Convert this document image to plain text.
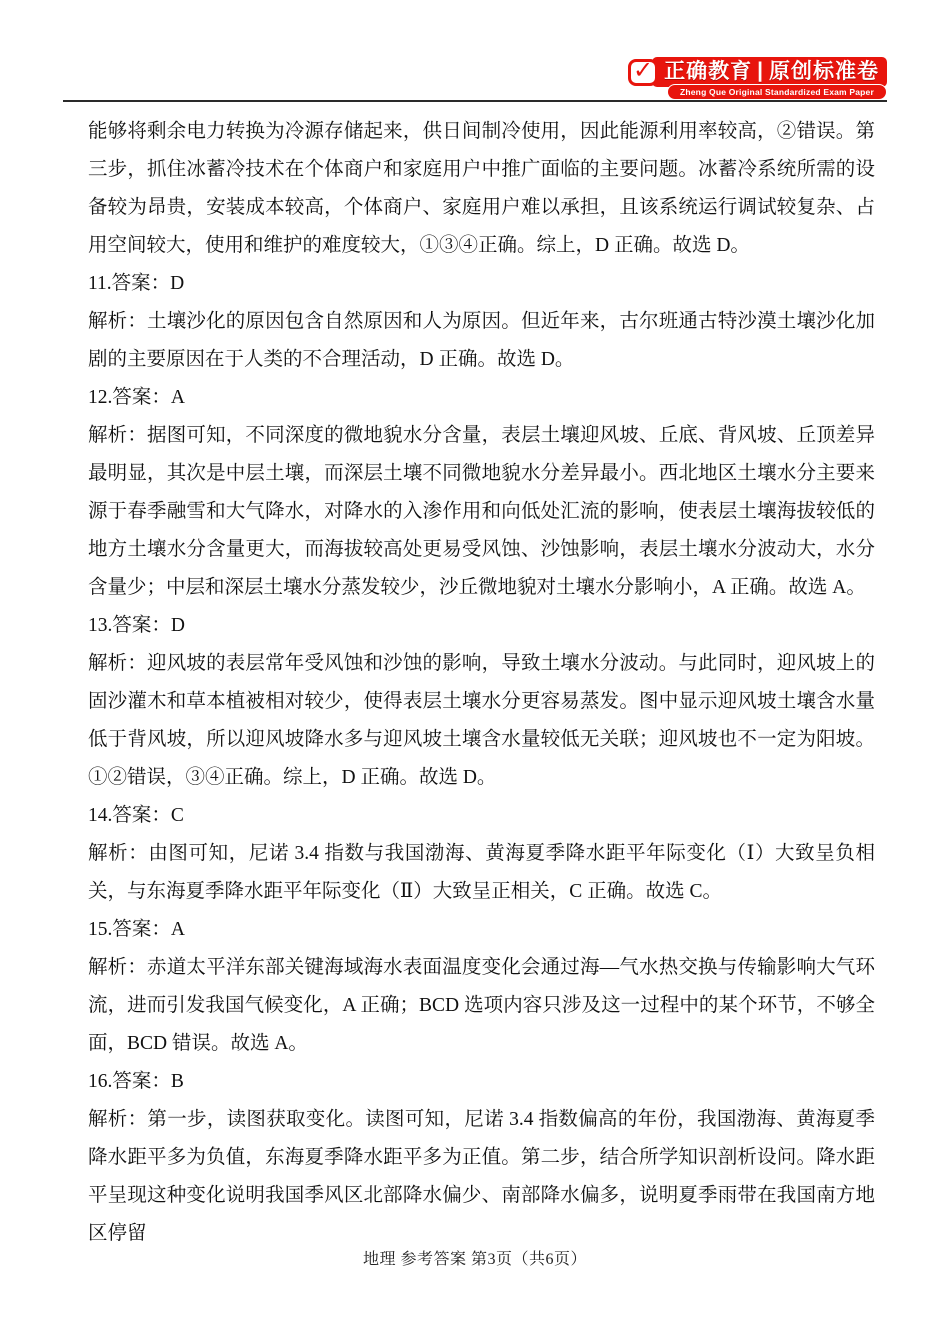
✓ 正确教育 | 原创标准卷
Zheng Que Original Standardized Exam Paper

能够将剩余电力转换为冷源存储起来，供日间制冷使用，因此能源利用率较高，②错误。第三步，抓住冰蓄冷技术在个体商户和家庭用户中推广面临的主要问题。冰蓄冷系统所需的设备较为昂贵，安装成本较高，个体商户、家庭用户难以承担，且该系统运行调试较复杂、占用空间较大，使用和维护的难度较大，①③④正确。综上，D 正确。故选 D。

11.答案：D

解析：土壤沙化的原因包含自然原因和人为原因。但近年来，古尔班通古特沙漠土壤沙化加剧的主要原因在于人类的不合理活动，D 正确。故选 D。

12.答案：A

解析：据图可知，不同深度的微地貌水分含量，表层土壤迎风坡、丘底、背风坡、丘顶差异最明显，其次是中层土壤，而深层土壤不同微地貌水分差异最小。西北地区土壤水分主要来源于春季融雪和大气降水，对降水的入渗作用和向低处汇流的影响，使表层土壤海拔较低的地方土壤水分含量更大，而海拔较高处更易受风蚀、沙蚀影响，表层土壤水分波动大，水分含量少；中层和深层土壤水分蒸发较少，沙丘微地貌对土壤水分影响小，A 正确。故选 A。

13.答案：D

解析：迎风坡的表层常年受风蚀和沙蚀的影响，导致土壤水分波动。与此同时，迎风坡上的固沙灌木和草本植被相对较少，使得表层土壤水分更容易蒸发。图中显示迎风坡土壤含水量低于背风坡，所以迎风坡降水多与迎风坡土壤含水量较低无关联；迎风坡也不一定为阳坡。①②错误，③④正确。综上，D 正确。故选 D。

14.答案：C

解析：由图可知，尼诺 3.4 指数与我国渤海、黄海夏季降水距平年际变化（Ⅰ）大致呈负相关，与东海夏季降水距平年际变化（Ⅱ）大致呈正相关，C 正确。故选 C。

15.答案：A

解析：赤道太平洋东部关键海域海水表面温度变化会通过海—气水热交换与传输影响大气环流，进而引发我国气候变化，A 正确；BCD 选项内容只涉及这一过程中的某个环节，不够全面，BCD 错误。故选 A。

16.答案：B

解析：第一步，读图获取变化。读图可知，尼诺 3.4 指数偏高的年份，我国渤海、黄海夏季降水距平多为负值，东海夏季降水距平多为正值。第二步，结合所学知识剖析设问。降水距平呈现这种变化说明我国季风区北部降水偏少、南部降水偏多，说明夏季雨带在我国南方地区停留

地理 参考答案 第3页（共6页）
